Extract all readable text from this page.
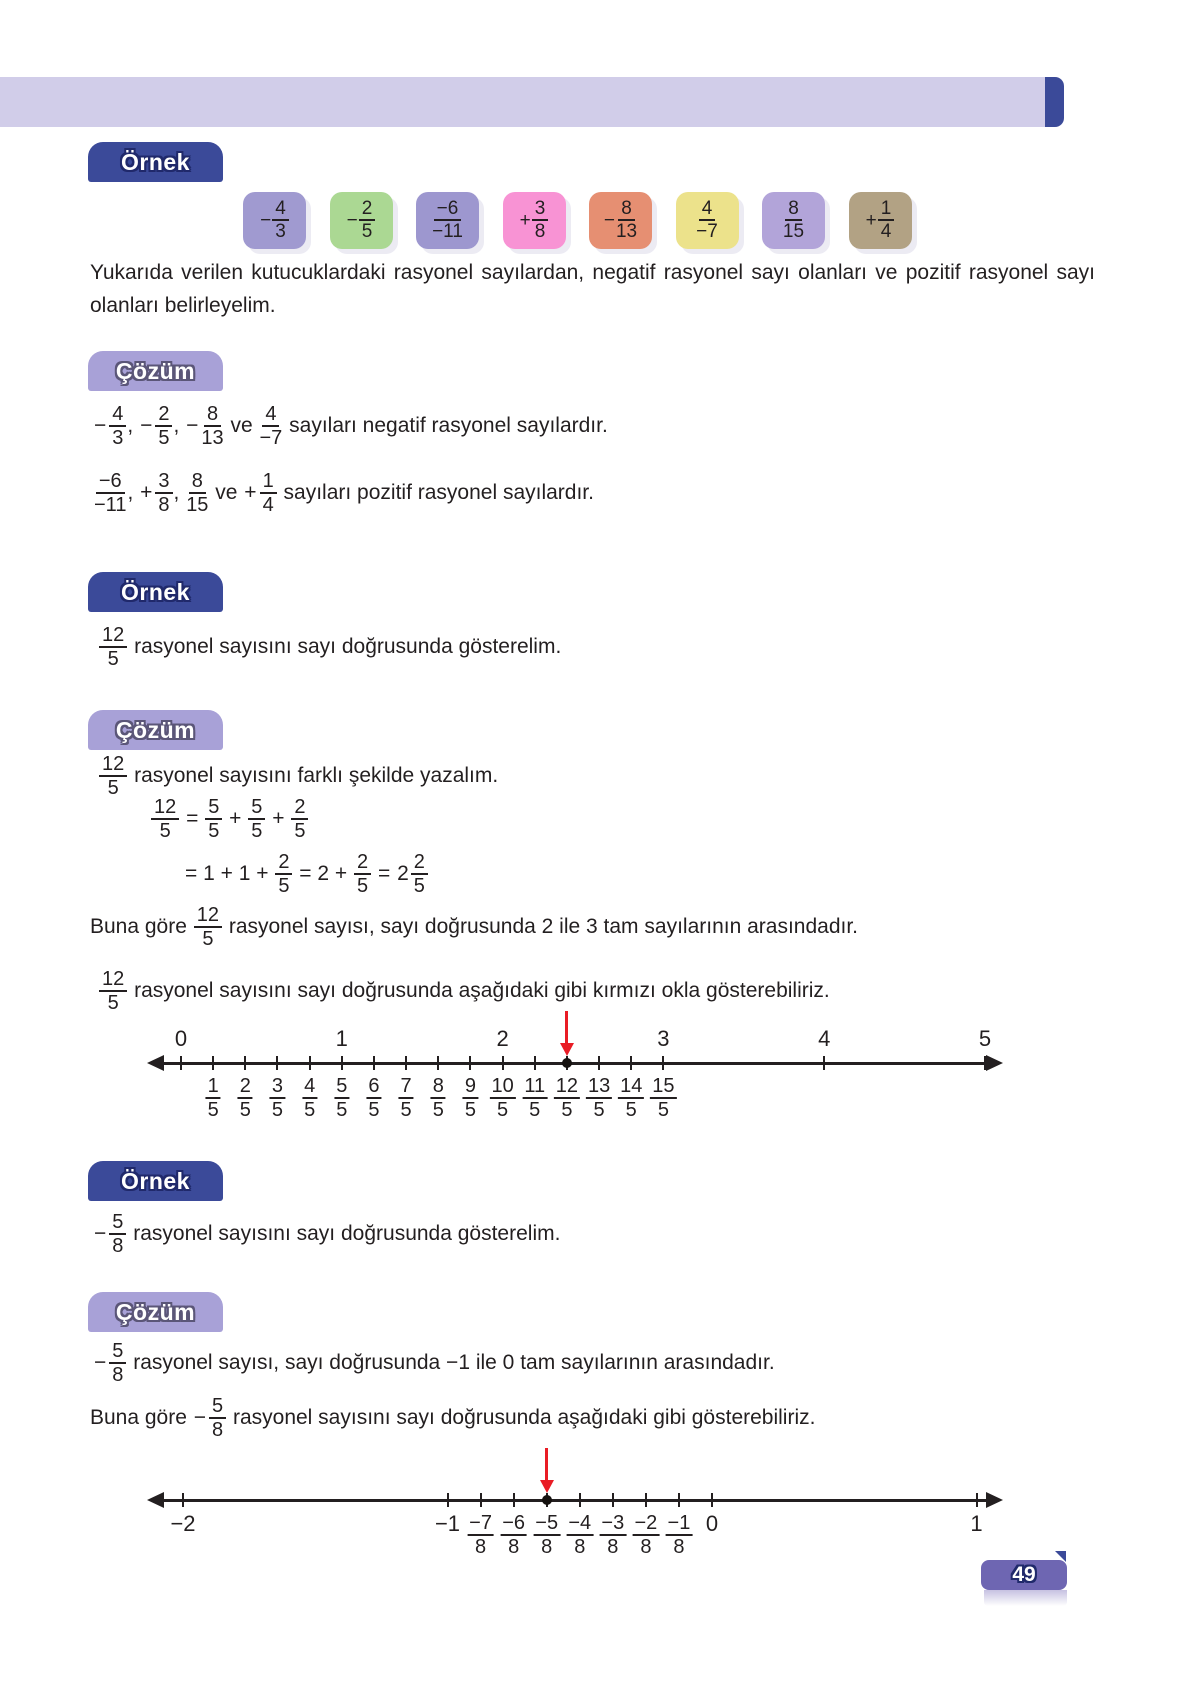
Örnek
− $\frac{4}{3}$	− $\frac{2}{5}$	$\frac{-6}{-11}$	+ $\frac{3}{8}$	− $\frac{8}{13}$	$\frac{4}{-7}$	$\frac{8}{15}$	+ $\frac{1}{4}$

Yukarıda verilen kutucuklardaki rasyonel sayılardan, negatif rasyonel sayı olanları ve pozitif rasyonel sayı olanları belirleyelim.

Çözüm
− $\frac{4}{3}$ , − $\frac{2}{5}$ , − $\frac{8}{13}$ ve $\frac{4}{-7}$ sayıları negatif rasyonel sayılardır.
$\frac{-6}{-11}$ , + $\frac{3}{8}$ , $\frac{8}{15}$ ve + $\frac{1}{4}$ sayıları pozitif rasyonel sayılardır.
Örnek
$\frac{12}{5}$ rasyonel sayısını sayı doğrusunda gösterelim.
Çözüm
$\frac{12}{5}$ rasyonel sayısını farklı şekilde yazalım.
$\frac{12}{5} = \frac{5}{5} + \frac{5}{5} + \frac{2}{5}$
= $1 + 1 + \frac{2}{5} = 2 + \frac{2}{5} = 2 \frac{2}{5}$
Buna göre $\frac{12}{5}$ rasyonel sayısı, sayı doğrusunda 2 ile 3 tam sayılarının arasındadır.
$\frac{12}{5}$ rasyonel sayısını sayı doğrusunda aşağıdaki gibi kırmızı okla gösterebiliriz.
0	1	2	3	4	5
$\frac{1}{5} \frac{2}{5} \frac{3}{5} \frac{4}{5} \frac{5}{5} \frac{6}{5} \frac{7}{5} \frac{8}{5} \frac{9}{5} \frac{10}{5} \frac{11}{5} \frac{12}{5} \frac{13}{5} \frac{14}{5} \frac{15}{5}$
Örnek
− $\frac{5}{8}$ rasyonel sayısını sayı doğrusunda gösterelim.
Çözüm
− $\frac{5}{8}$ rasyonel sayısı, sayı doğrusunda −1 ile 0 tam sayılarının arasındadır.
Buna göre − $\frac{5}{8}$ rasyonel sayısını sayı doğrusunda aşağıdaki gibi gösterebiliriz.
−2	−1	0	1
$\frac{-7}{8} \frac{-6}{8} \frac{-5}{8} \frac{-4}{8} \frac{-3}{8} \frac{-2}{8} \frac{-1}{8}$
49
